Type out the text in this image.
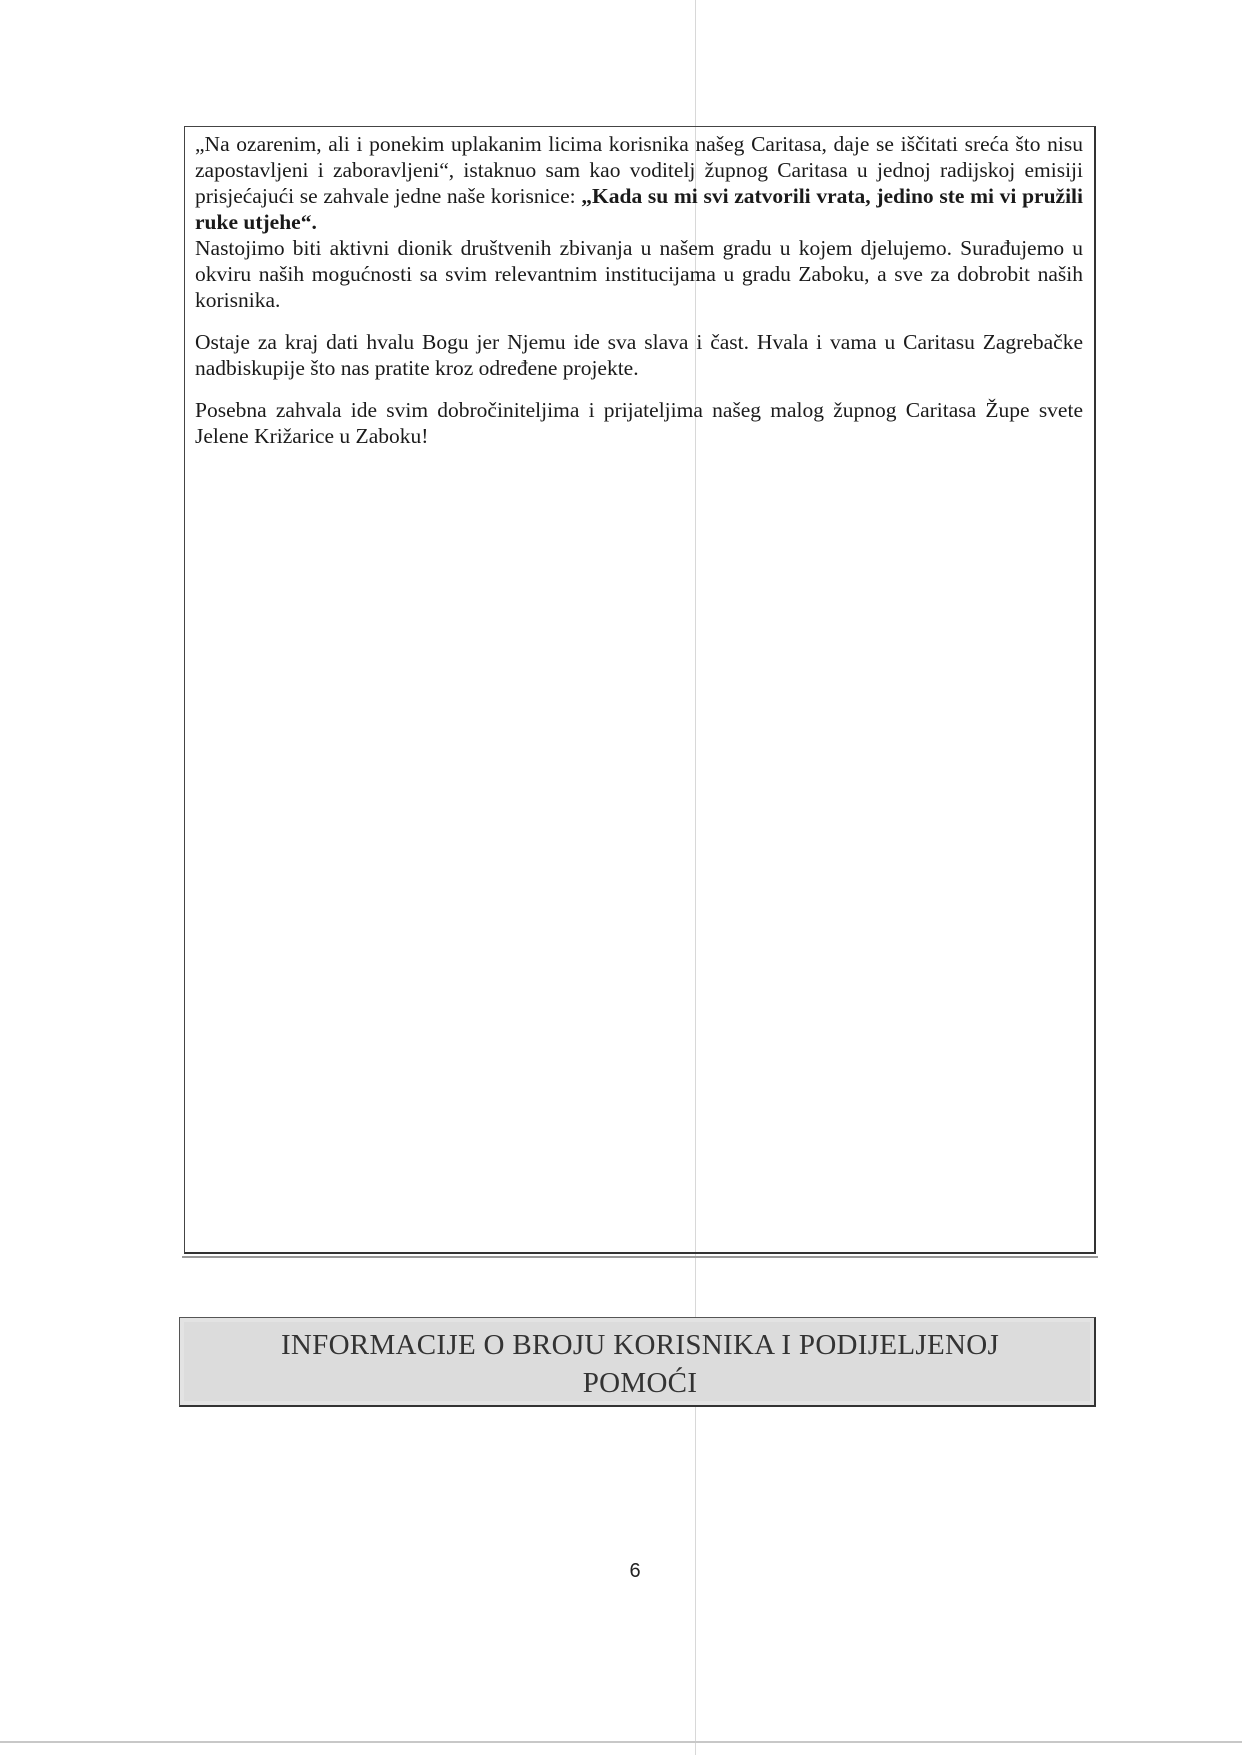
„Na ozarenim, ali i ponekim uplakanim licima korisnika našeg Caritasa, daje se iščitati sreća što nisu zapostavljeni i zaboravljeni“, istaknuo sam kao voditelj župnog Caritasa u jednoj radijskoj emisiji prisjećajući se zahvale jedne naše korisnice: „Kada su mi svi zatvorili vrata, jedino ste mi vi pružili ruke utjehe“.

Nastojimo biti aktivni dionik društvenih zbivanja u našem gradu u kojem djelujemo. Surađujemo u okviru naših mogućnosti sa svim relevantnim institucijama u gradu Zaboku, a sve za dobrobit naših korisnika.

Ostaje za kraj dati hvalu Bogu jer Njemu ide sva slava i čast. Hvala i vama u Caritasu Zagrebačke nadbiskupije što nas pratite kroz određene projekte.

Posebna zahvala ide svim dobročiniteljima i prijateljima našeg malog župnog Caritasa Župe svete Jelene Križarice u Zaboku!

INFORMACIJE O BROJU KORISNIKA I PODIJELJENOJ
POMOĆI
6
